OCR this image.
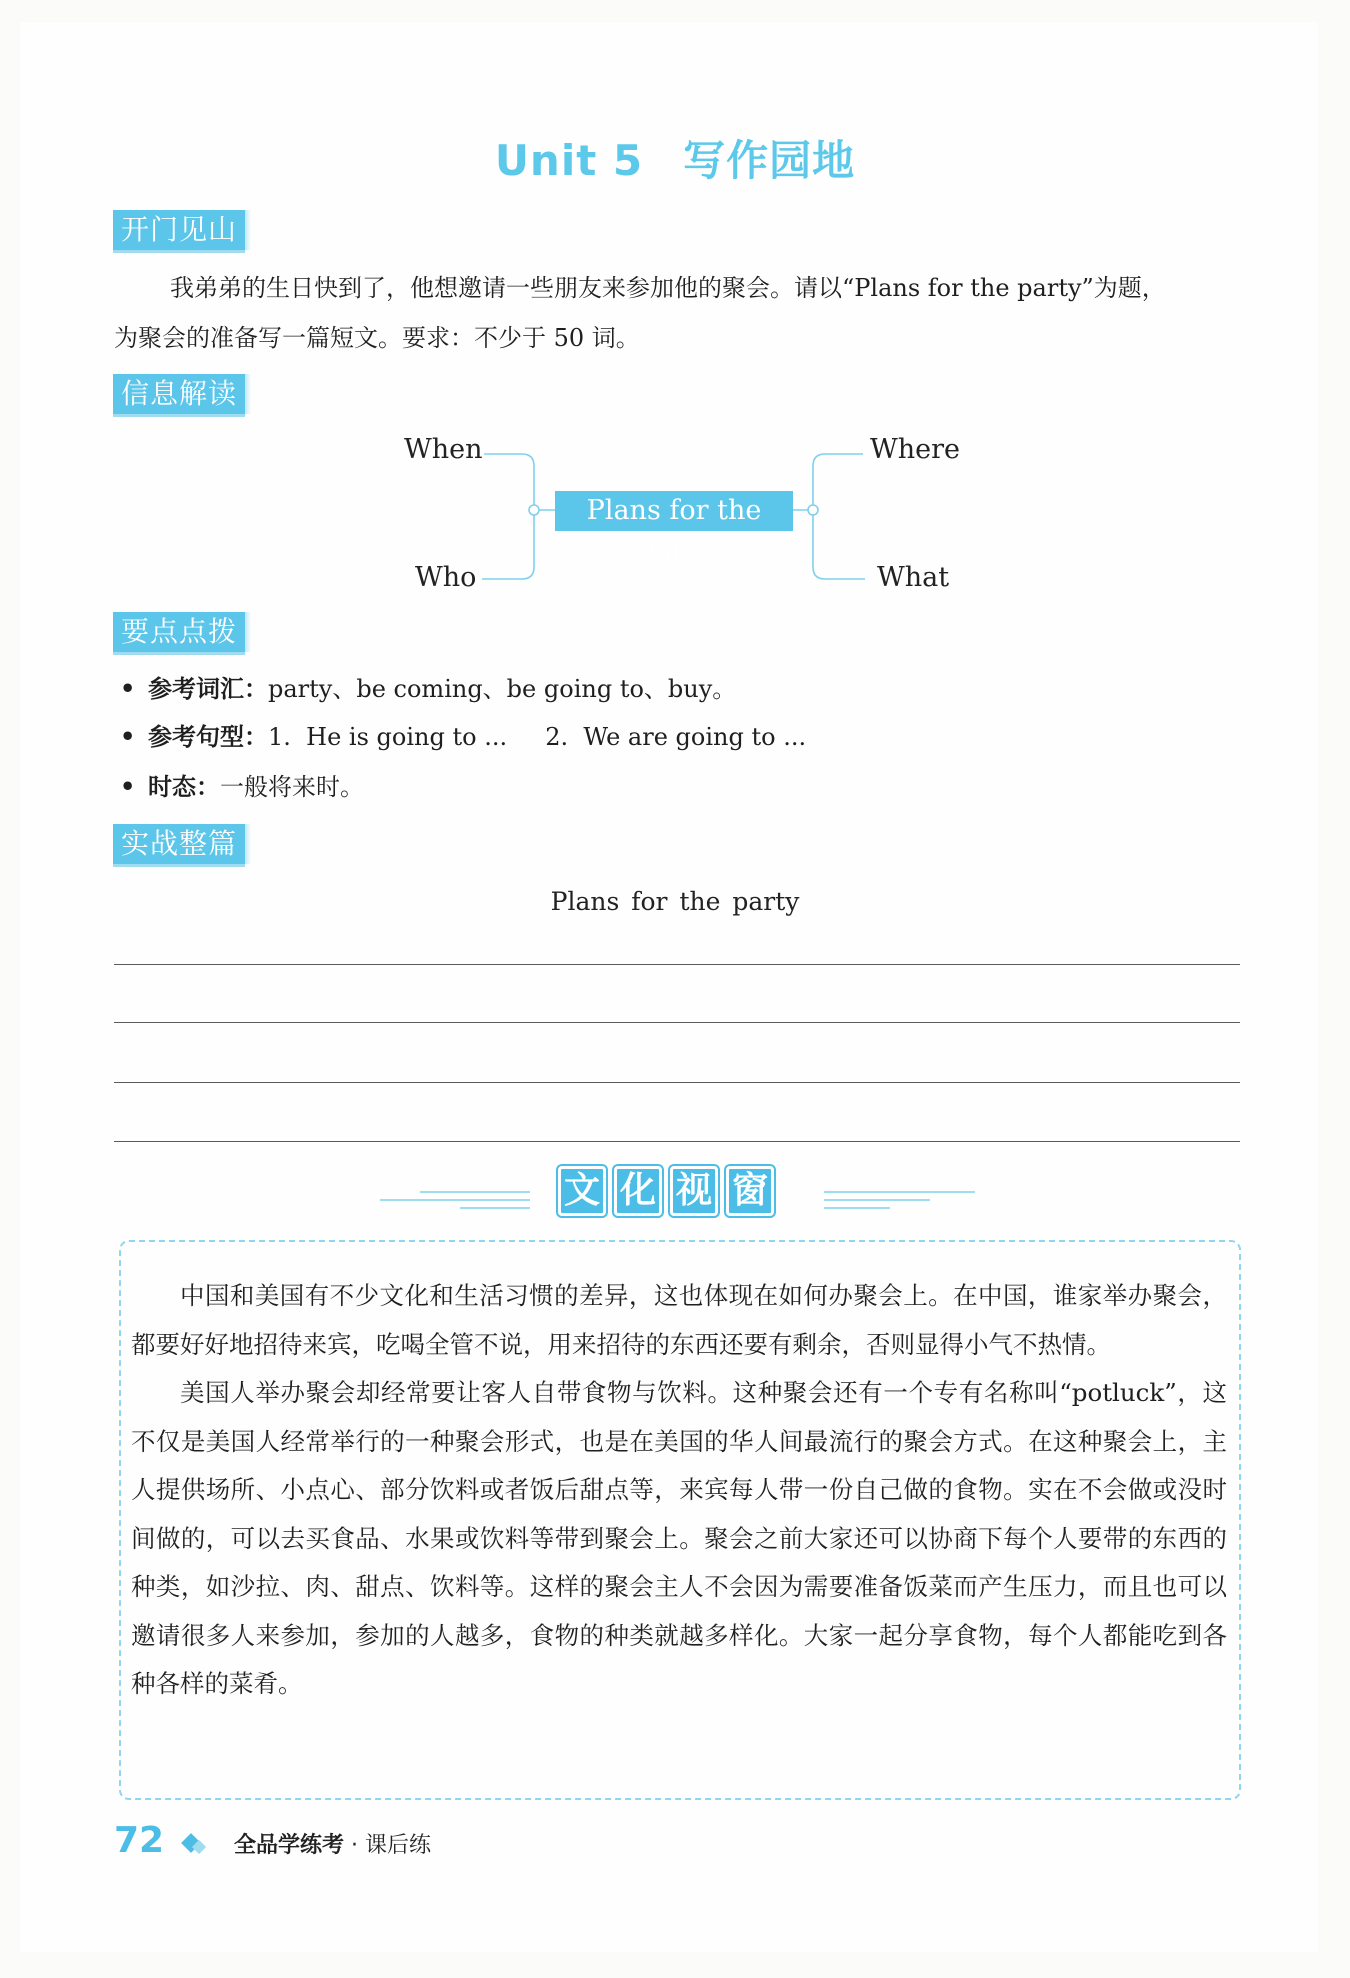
Unit 5 写作园地
开门见山
我弟弟的生日快到了，他想邀请一些朋友来参加他的聚会。请以“Plans for the party”为题，
为聚会的准备写一篇短文。要求：不少于 50 词。
信息解读
When
Who
Where
What
Plans for the party
要点点拨
• 参考词汇：party、be coming、be going to、buy。
• 参考句型：1.  He is going to ...     2.  We are going to ...
• 时态：一般将来时。
实战整篇
Plans for the party
文 化 视 窗

中国和美国有不少文化和生活习惯的差异，这也体现在如何办聚会上。在中国，谁家举办聚会，都要好好地招待来宾，吃喝全管不说，用来招待的东西还要有剩余，否则显得小气不热情。

美国人举办聚会却经常要让客人自带食物与饮料。这种聚会还有一个专有名称叫“potluck”，这不仅是美国人经常举行的一种聚会形式，也是在美国的华人间最流行的聚会方式。在这种聚会上，主人提供场所、小点心、部分饮料或者饭后甜点等，来宾每人带一份自己做的食物。实在不会做或没时间做的，可以去买食品、水果或饮料等带到聚会上。聚会之前大家还可以协商下每个人要带的东西的种类，如沙拉、肉、甜点、饮料等。这样的聚会主人不会因为需要准备饭菜而产生压力，而且也可以邀请很多人来参加，参加的人越多，食物的种类就越多样化。大家一起分享食物，每个人都能吃到各种各样的菜肴。

72	全品学练考 · 课后练
